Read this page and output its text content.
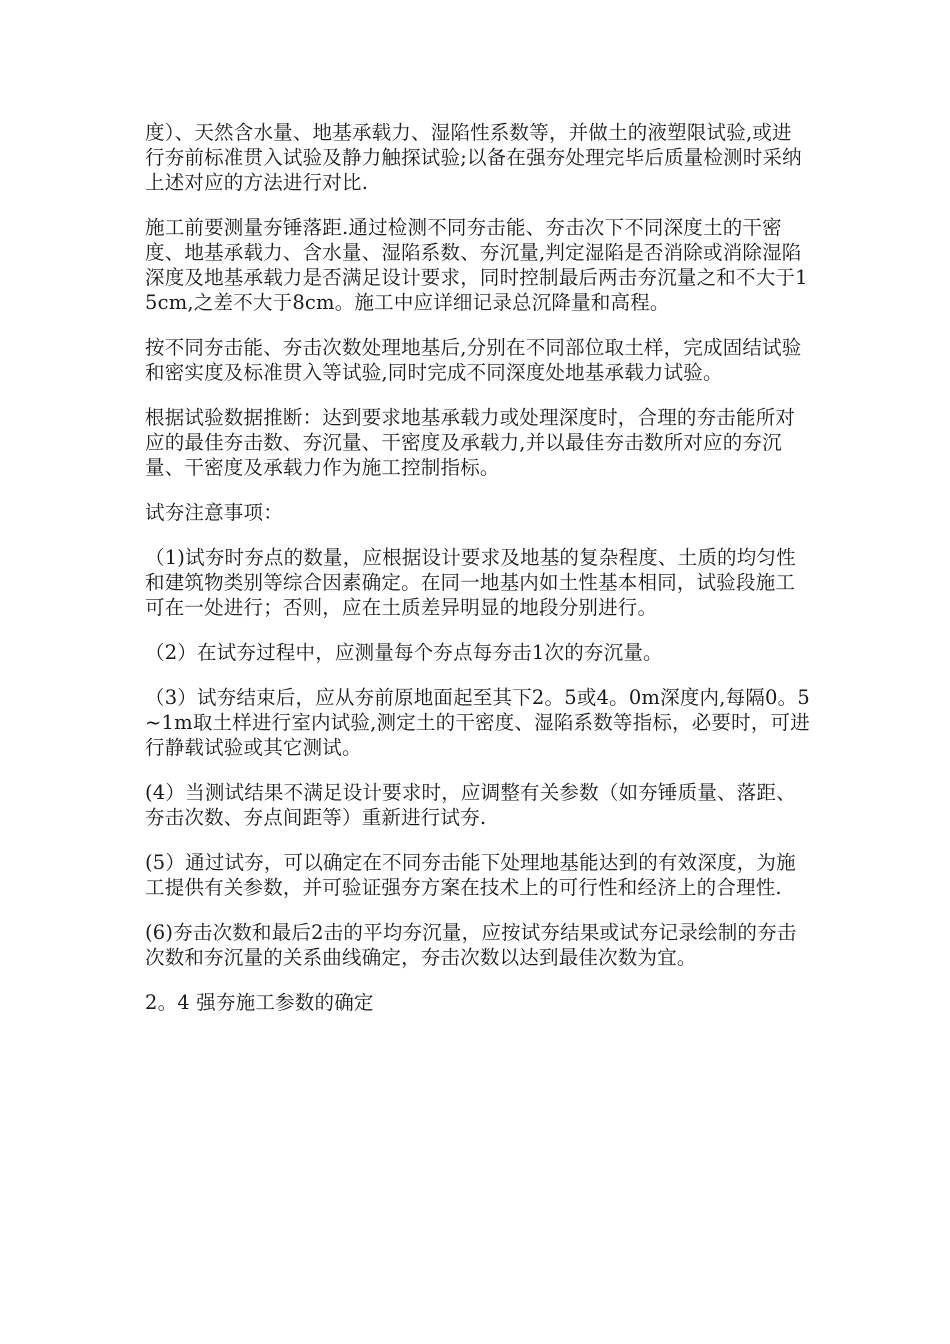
度）、天然含水量、地基承载力、湿陷性系数等，并做土的液塑限试验,或进行夯前标准贯入试验及静力触探试验;以备在强夯处理完毕后质量检测时采纳上述对应的方法进行对比.

施工前要测量夯锤落距.通过检测不同夯击能、夯击次下不同深度土的干密度、地基承载力、含水量、湿陷系数、夯沉量,判定湿陷是否消除或消除湿陷深度及地基承载力是否满足设计要求，同时控制最后两击夯沉量之和不大于15cm,之差不大于8cm。施工中应详细记录总沉降量和高程。

按不同夯击能、夯击次数处理地基后,分别在不同部位取土样，完成固结试验和密实度及标准贯入等试验,同时完成不同深度处地基承载力试验。

根据试验数据推断：达到要求地基承载力或处理深度时，合理的夯击能所对应的最佳夯击数、夯沉量、干密度及承载力,并以最佳夯击数所对应的夯沉量、干密度及承载力作为施工控制指标。

试夯注意事项：

（1)试夯时夯点的数量，应根据设计要求及地基的复杂程度、土质的均匀性和建筑物类别等综合因素确定。在同一地基内如土性基本相同，试验段施工可在一处进行；否则，应在土质差异明显的地段分别进行。

（2）在试夯过程中，应测量每个夯点每夯击1次的夯沉量。

（3）试夯结束后，应从夯前原地面起至其下2。5或4。0m深度内,每隔0。5~1m取土样进行室内试验,测定土的干密度、湿陷系数等指标，必要时，可进行静载试验或其它测试。

(4）当测试结果不满足设计要求时，应调整有关参数（如夯锤质量、落距、夯击次数、夯点间距等）重新进行试夯.

(5）通过试夯，可以确定在不同夯击能下处理地基能达到的有效深度，为施工提供有关参数，并可验证强夯方案在技术上的可行性和经济上的合理性.

(6)夯击次数和最后2击的平均夯沉量，应按试夯结果或试夯记录绘制的夯击次数和夯沉量的关系曲线确定，夯击次数以达到最佳次数为宜。

2。4 强夯施工参数的确定
